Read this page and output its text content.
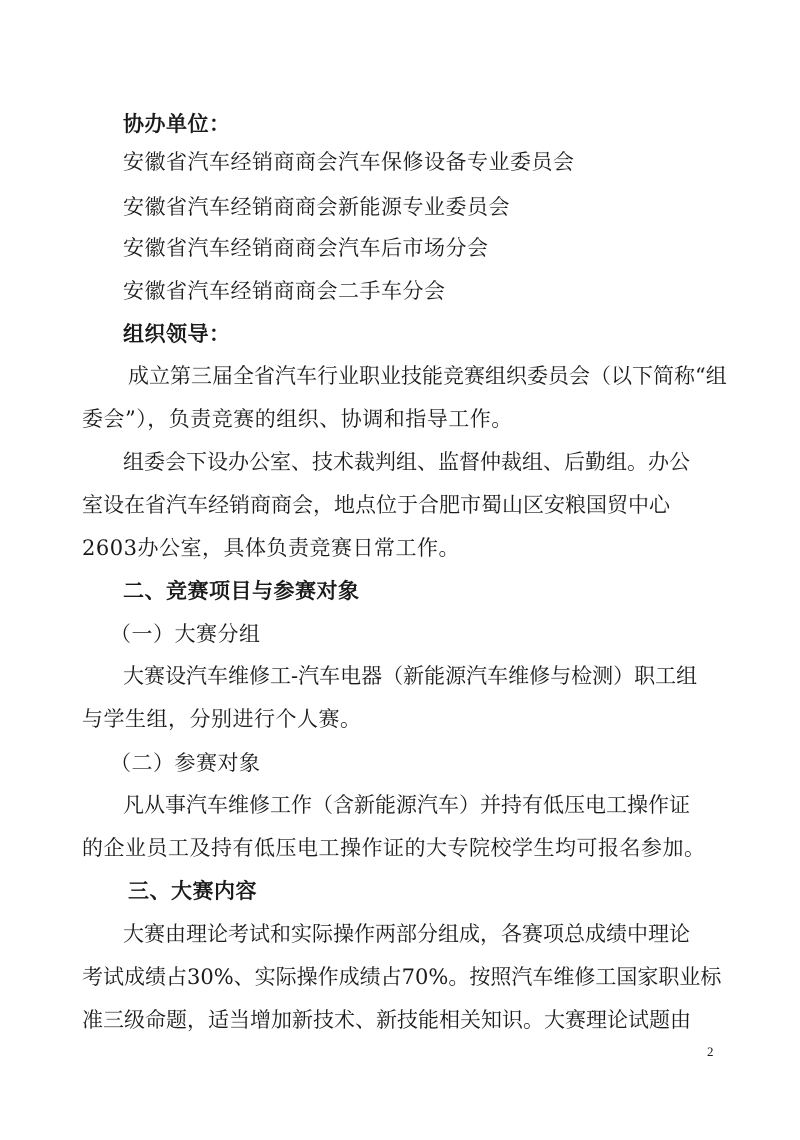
协办单位：
安徽省汽车经销商商会汽车保修设备专业委员会
安徽省汽车经销商商会新能源专业委员会
安徽省汽车经销商商会汽车后市场分会
安徽省汽车经销商商会二手车分会
组织领导：
成立第三届全省汽车行业职业技能竞赛组织委员会（以下简称“组
委会”），负责竞赛的组织、协调和指导工作。
组委会下设办公室、技术裁判组、监督仲裁组、后勤组。办公
室设在省汽车经销商商会，地点位于合肥市蜀山区安粮国贸中心
2603办公室，具体负责竞赛日常工作。
二、竞赛项目与参赛对象
（一）大赛分组
大赛设汽车维修工-汽车电器（新能源汽车维修与检测）职工组
与学生组，分别进行个人赛。
（二）参赛对象
凡从事汽车维修工作（含新能源汽车）并持有低压电工操作证
的企业员工及持有低压电工操作证的大专院校学生均可报名参加。
三、大赛内容
大赛由理论考试和实际操作两部分组成，各赛项总成绩中理论
考试成绩占30%、实际操作成绩占70%。按照汽车维修工国家职业标
准三级命题，适当增加新技术、新技能相关知识。大赛理论试题由
2
